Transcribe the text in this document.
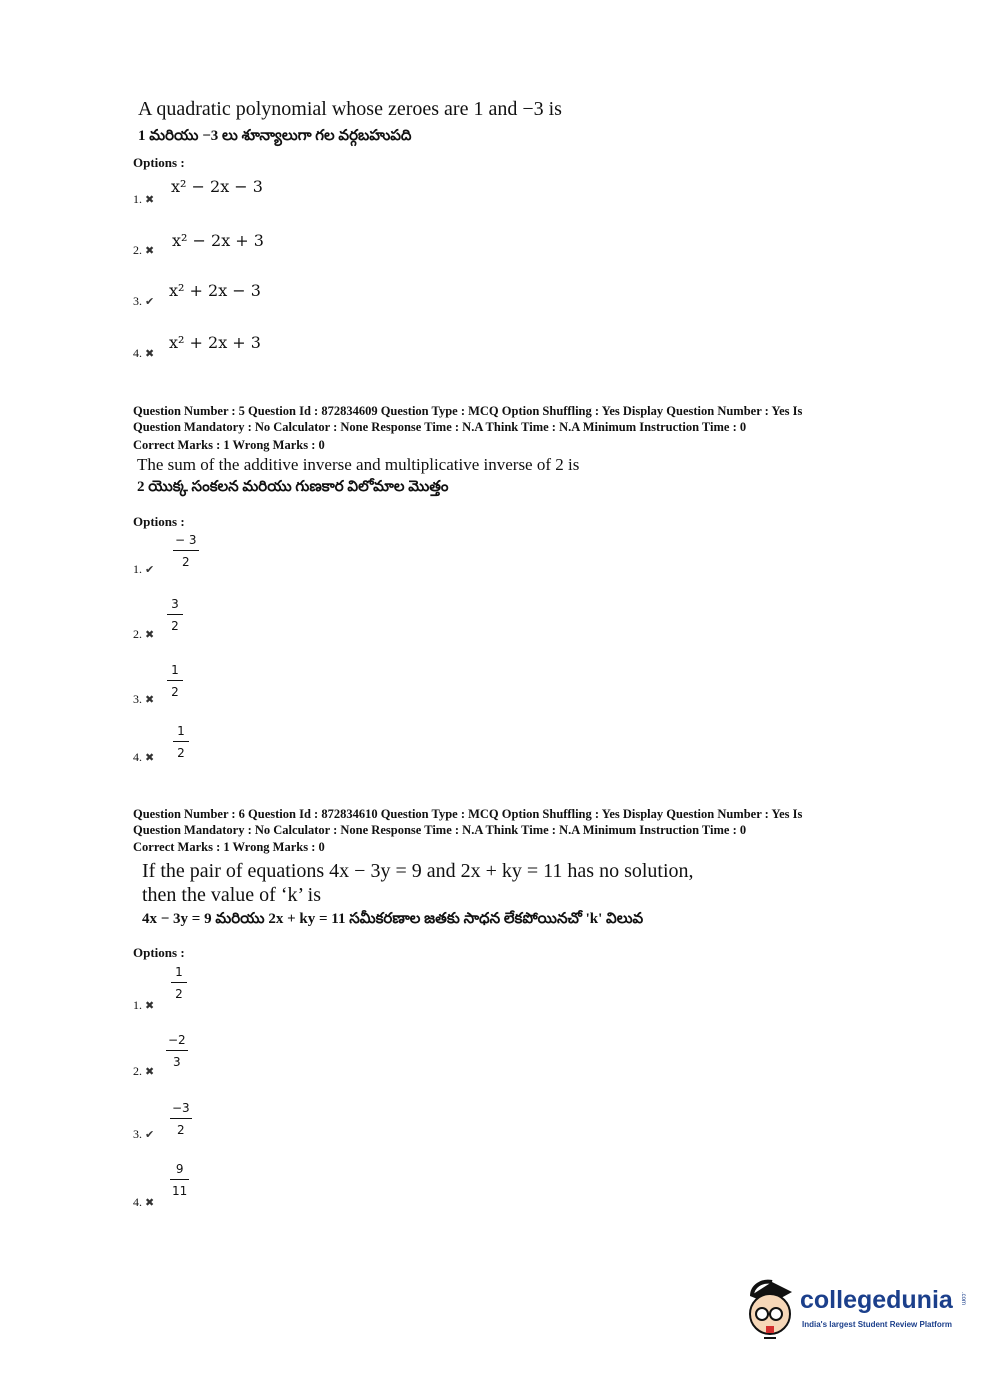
A quadratic polynomial whose zeroes are 1 and −3 is
1 మరియు −3 లు శూన్యాలుగా గల వర్గబహుపది
Options :
1. ✖
x² − 2x − 3
2. ✖
x² − 2x + 3
3. ✔
x² + 2x − 3
4. ✖
x² + 2x + 3
Question Number : 5 Question Id : 872834609 Question Type : MCQ Option Shuffling : Yes Display Question Number : Yes Is
Question Mandatory : No Calculator : None Response Time : N.A Think Time : N.A Minimum Instruction Time : 0
Correct Marks : 1 Wrong Marks : 0
The sum of the additive inverse and multiplicative inverse of 2 is
2 యొక్క సంకలన మరియు గుణకార విలోమాల మొత్తం
Options :
1. ✔
− 3
2
2. ✖
3
2
3. ✖
1
2
4. ✖
1
2
Question Number : 6 Question Id : 872834610 Question Type : MCQ Option Shuffling : Yes Display Question Number : Yes Is
Question Mandatory : No Calculator : None Response Time : N.A Think Time : N.A Minimum Instruction Time : 0
Correct Marks : 1 Wrong Marks : 0
If the pair of equations 4x − 3y = 9 and 2x + ky = 11 has no solution,
then the value of ‘k’ is
4x − 3y = 9 మరియు 2x + ky = 11 సమీకరణాల జతకు సాధన లేకపోయినచో 'k' విలువ
Options :
1. ✖
1
2
2. ✖
−2
3
3. ✔
−3
2
4. ✖
9
11
collegedunia .com
India's largest Student Review Platform
